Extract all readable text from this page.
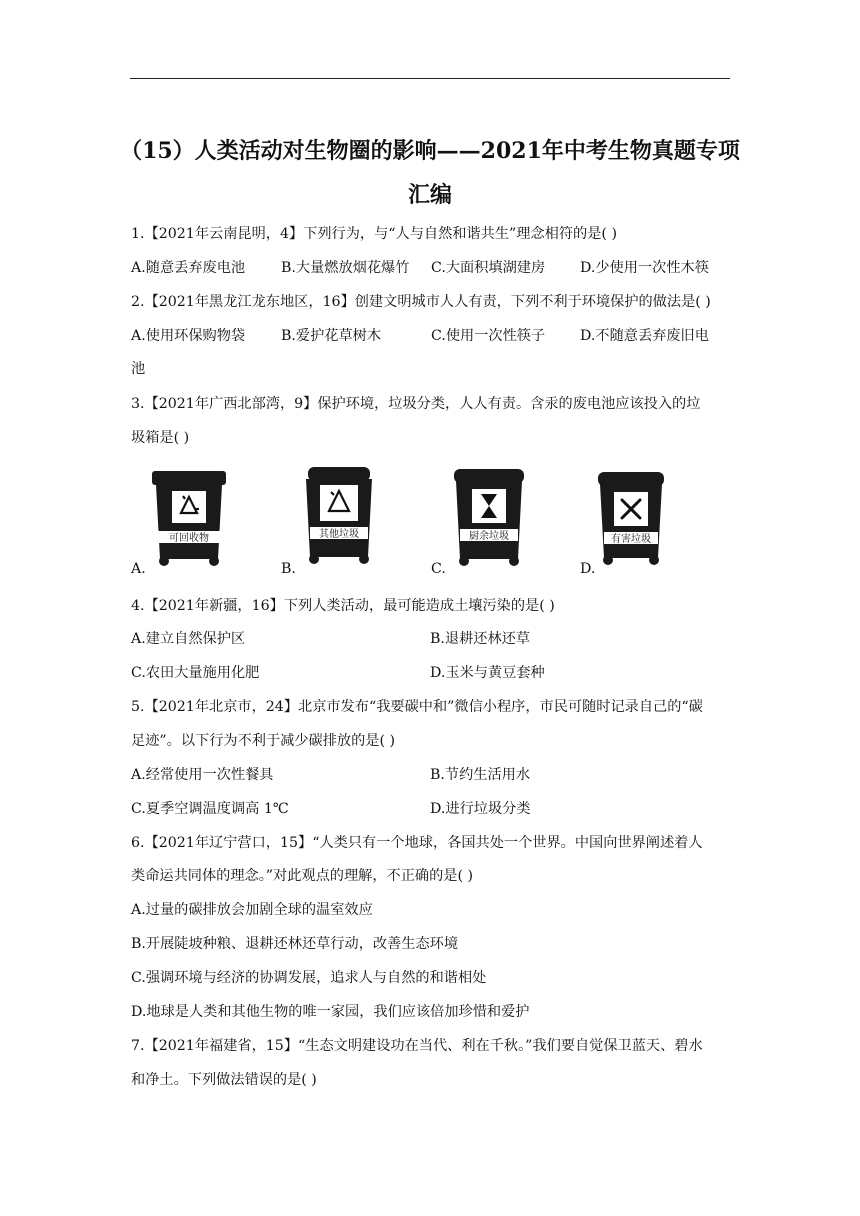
（15）人类活动对生物圈的影响——2021年中考生物真题专项
汇编
1.【2021年云南昆明，4】下列行为，与“人与自然和谐共生”理念相符的是( )
A.随意丢弃废电池	B.大量燃放烟花爆竹 C.大面积填湖建房 D.少使用一次性木筷
2.【2021年黑龙江龙东地区，16】创建文明城市人人有责，下列不利于环境保护的做法是( )
A.使用环保购物袋	B.爱护花草树木	C.使用一次性筷子 D.不随意丢弃废旧电
池
3.【2021年广西北部湾，9】保护环境，垃圾分类，人人有责。含汞的废电池应该投入的垃
圾箱是( )
A.
可回收物
B.
其他垃圾
C.
厨余垃圾
D.
有害垃圾
4.【2021年新疆，16】下列人类活动，最可能造成土壤污染的是( )
A.建立自然保护区	B.退耕还林还草
C.农田大量施用化肥	D.玉米与黄豆套种
5.【2021年北京市，24】北京市发布“我要碳中和”微信小程序，市民可随时记录自己的“碳
足迹”。以下行为不利于减少碳排放的是( )
A.经常使用一次性餐具	B.节约生活用水
C.夏季空调温度调高 1℃	D.进行垃圾分类
6.【2021年辽宁营口，15】“人类只有一个地球，各国共处一个世界。中国向世界阐述着人
类命运共同体的理念。”对此观点的理解，不正确的是( )
A.过量的碳排放会加剧全球的温室效应
B.开展陡坡种粮、退耕还林还草行动，改善生态环境
C.强调环境与经济的协调发展，追求人与自然的和谐相处
D.地球是人类和其他生物的唯一家园，我们应该倍加珍惜和爱护
7.【2021年福建省，15】“生态文明建设功在当代、利在千秋。”我们要自觉保卫蓝天、碧水
和净土。下列做法错误的是( )
